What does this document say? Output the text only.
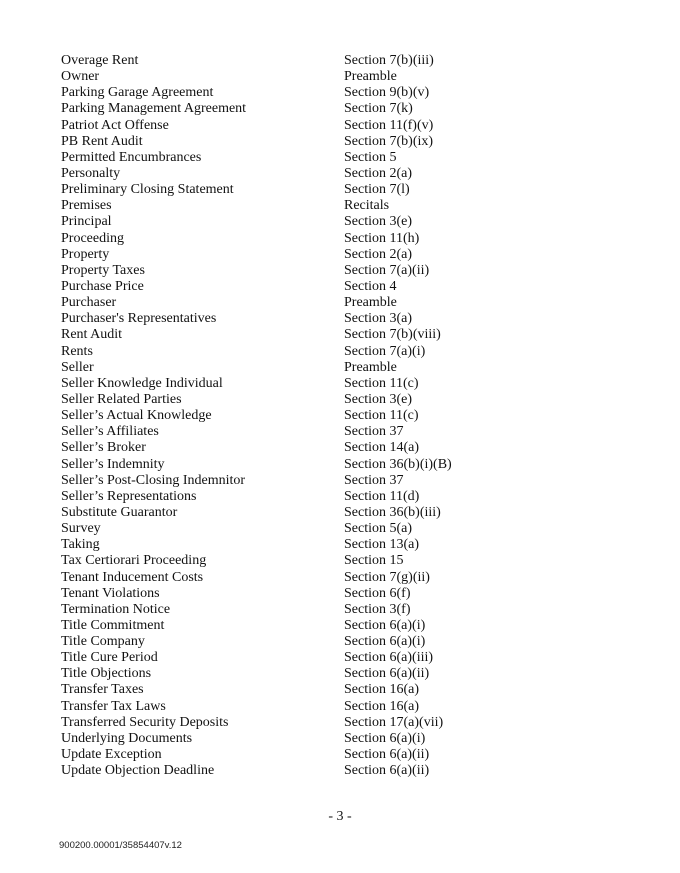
Overage Rent	Section 7(b)(iii)
Owner	Preamble
Parking Garage Agreement	Section 9(b)(v)
Parking Management Agreement	Section 7(k)
Patriot Act Offense	Section 11(f)(v)
PB Rent Audit	Section 7(b)(ix)
Permitted Encumbrances	Section 5
Personalty	Section 2(a)
Preliminary Closing Statement	Section 7(l)
Premises	Recitals
Principal	Section 3(e)
Proceeding	Section 11(h)
Property	Section 2(a)
Property Taxes	Section 7(a)(ii)
Purchase Price	Section 4
Purchaser	Preamble
Purchaser's Representatives	Section 3(a)
Rent Audit	Section 7(b)(viii)
Rents	Section 7(a)(i)
Seller	Preamble
Seller Knowledge Individual	Section 11(c)
Seller Related Parties	Section 3(e)
Seller’s Actual Knowledge	Section 11(c)
Seller’s Affiliates	Section 37
Seller’s Broker	Section 14(a)
Seller’s Indemnity	Section 36(b)(i)(B)
Seller’s Post-Closing Indemnitor	Section 37
Seller’s Representations	Section 11(d)
Substitute Guarantor	Section 36(b)(iii)
Survey	Section 5(a)
Taking	Section 13(a)
Tax Certiorari Proceeding	Section 15
Tenant Inducement Costs	Section 7(g)(ii)
Tenant Violations	Section 6(f)
Termination Notice	Section 3(f)
Title Commitment	Section 6(a)(i)
Title Company	Section 6(a)(i)
Title Cure Period	Section 6(a)(iii)
Title Objections	Section 6(a)(ii)
Transfer Taxes	Section 16(a)
Transfer Tax Laws	Section 16(a)
Transferred Security Deposits	Section 17(a)(vii)
Underlying Documents	Section 6(a)(i)
Update Exception	Section 6(a)(ii)
Update Objection Deadline	Section 6(a)(ii)
- 3 -
900200.00001/35854407v.12
